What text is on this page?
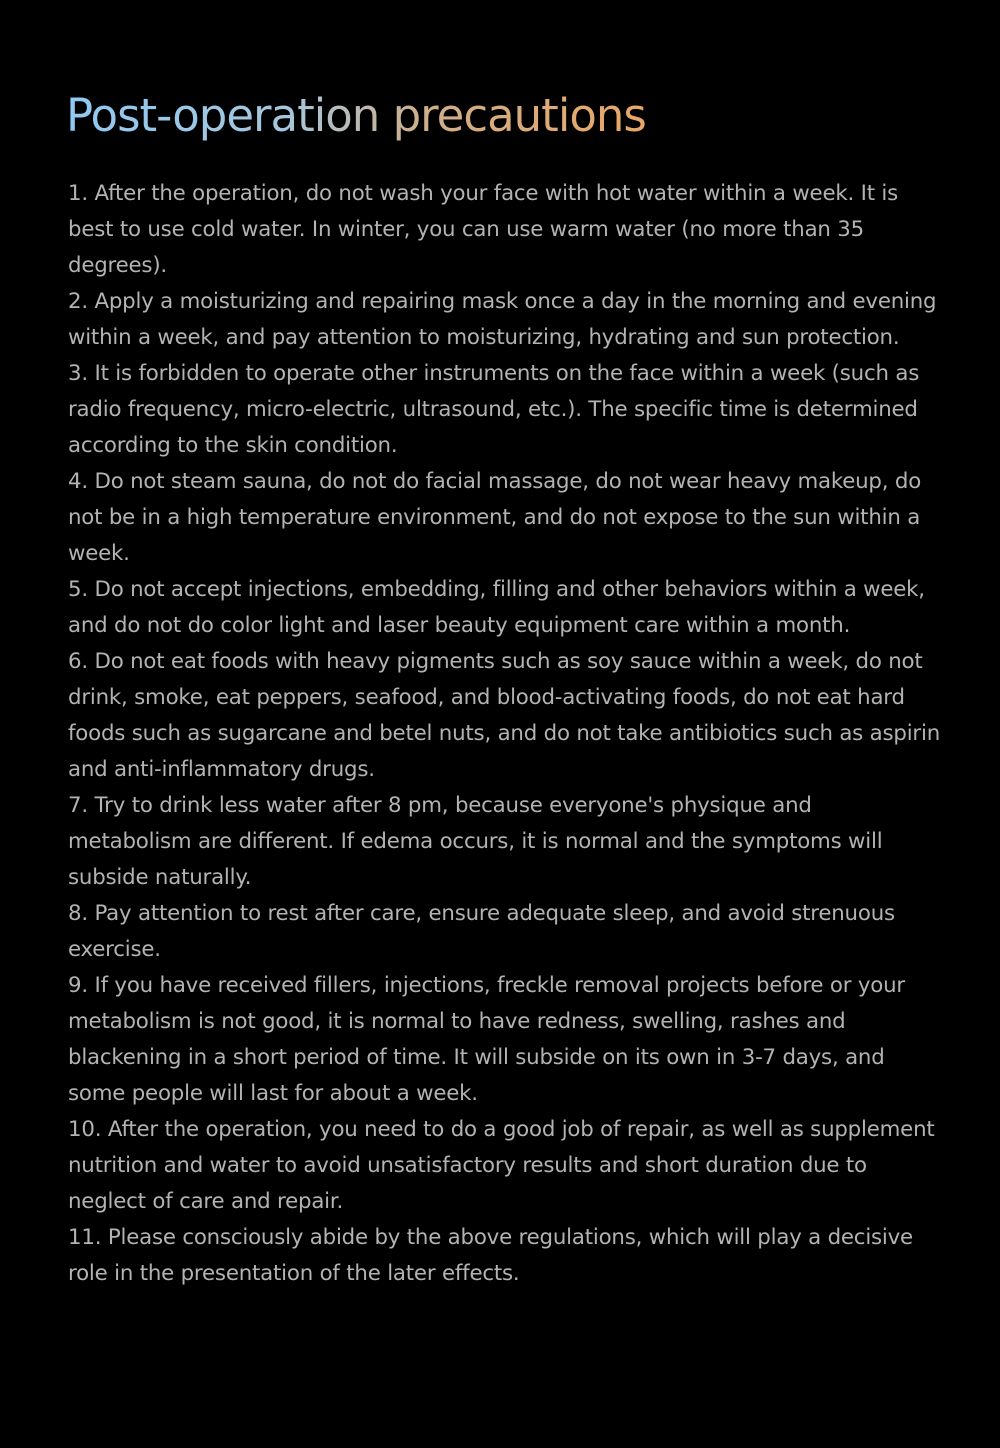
Post-operation precautions
1. After the operation, do not wash your face with hot water within a week. It is best to use cold water. In winter, you can use warm water (no more than 35 degrees).
2. Apply a moisturizing and repairing mask once a day in the morning and evening within a week, and pay attention to moisturizing, hydrating and sun protection.
3. It is forbidden to operate other instruments on the face within a week (such as radio frequency, micro-electric, ultrasound, etc.). The specific time is determined according to the skin condition.
4. Do not steam sauna, do not do facial massage, do not wear heavy makeup, do not be in a high temperature environment, and do not expose to the sun within a week.
5. Do not accept injections, embedding, filling and other behaviors within a week, and do not do color light and laser beauty equipment care within a month.
6. Do not eat foods with heavy pigments such as soy sauce within a week, do not drink, smoke, eat peppers, seafood, and blood-activating foods, do not eat hard foods such as sugarcane and betel nuts, and do not take antibiotics such as aspirin and anti-inflammatory drugs.
7. Try to drink less water after 8 pm, because everyone's physique and metabolism are different. If edema occurs, it is normal and the symptoms will subside naturally.
8. Pay attention to rest after care, ensure adequate sleep, and avoid strenuous exercise.
9. If you have received fillers, injections, freckle removal projects before or your metabolism is not good, it is normal to have redness, swelling, rashes and blackening in a short period of time. It will subside on its own in 3-7 days, and some people will last for about a week.
10. After the operation, you need to do a good job of repair, as well as supplement nutrition and water to avoid unsatisfactory results and short duration due to neglect of care and repair.
11. Please consciously abide by the above regulations, which will play a decisive role in the presentation of the later effects.
